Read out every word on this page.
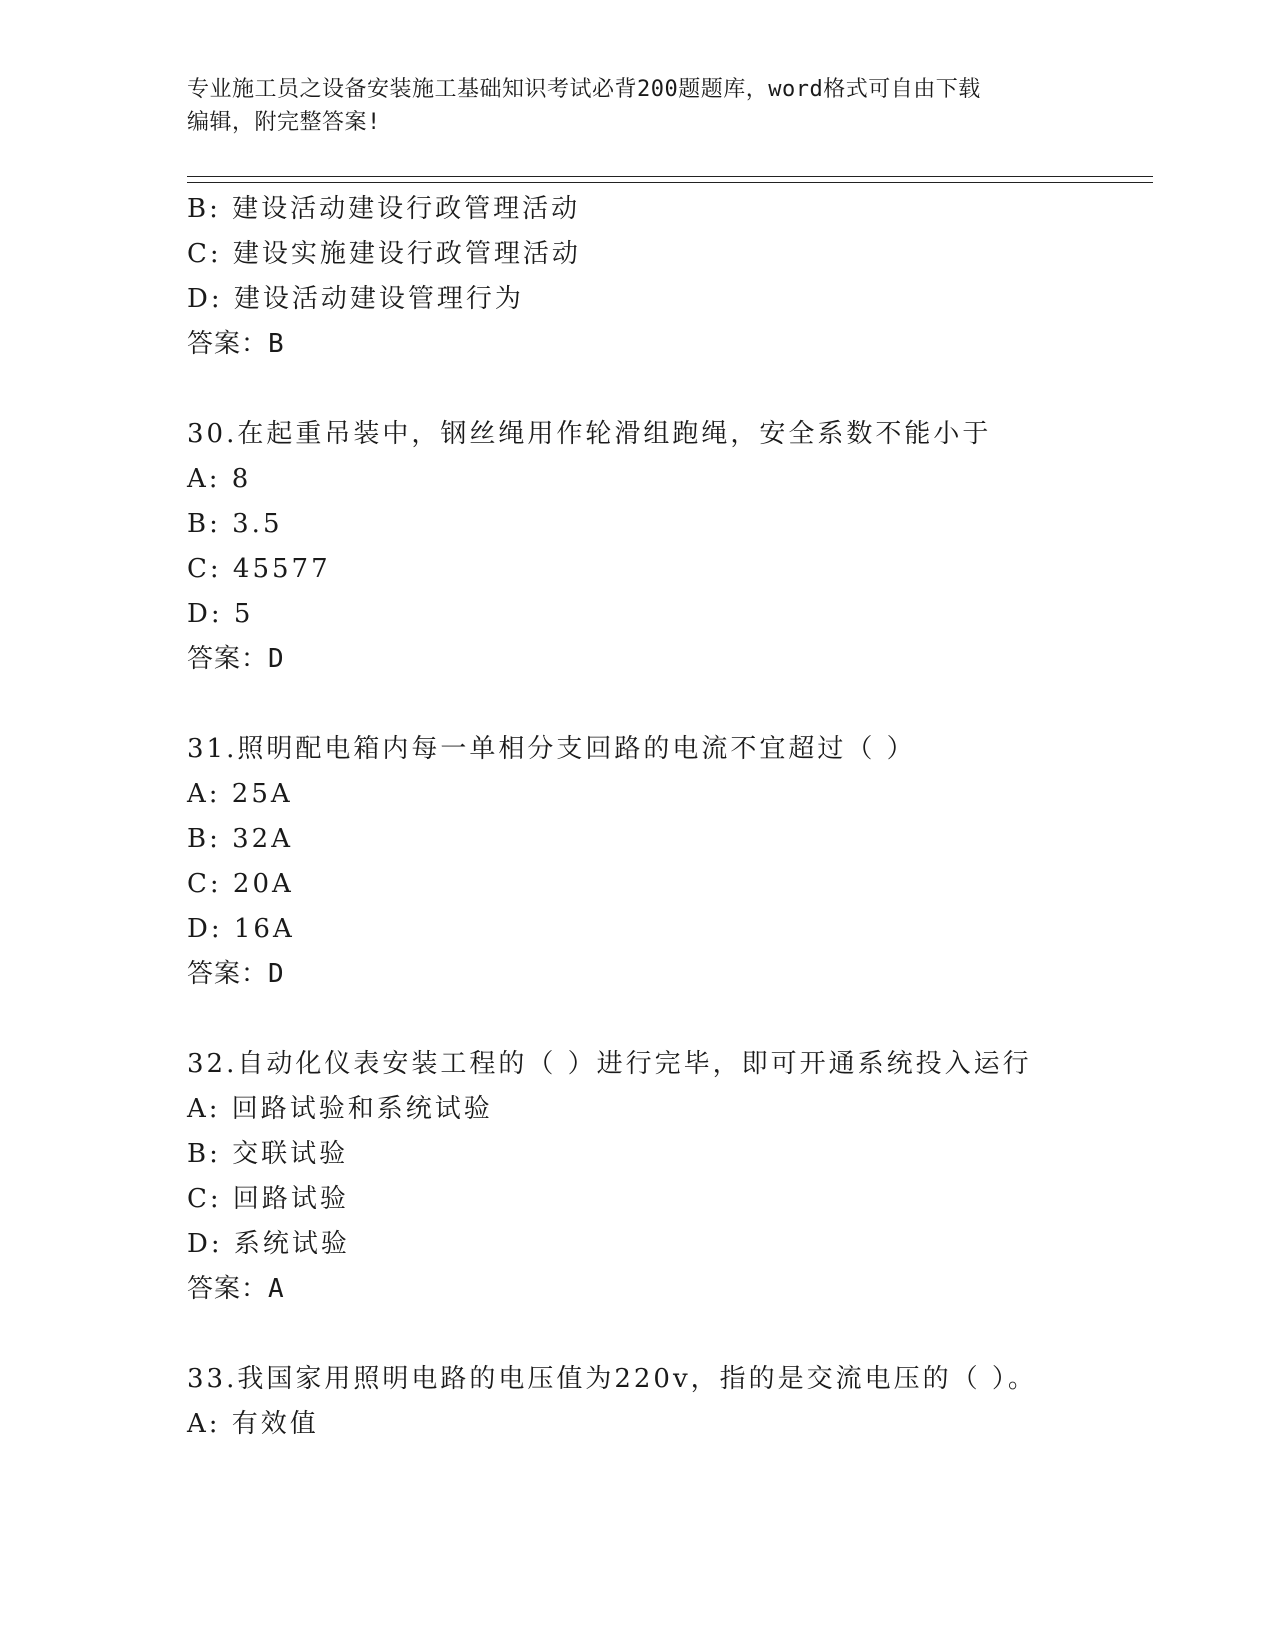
专业施工员之设备安装施工基础知识考试必背200题题库，word格式可自由下载
编辑，附完整答案!
B: 建设活动建设行政管理活动
C: 建设实施建设行政管理活动
D: 建设活动建设管理行为
答案：B
30.在起重吊装中，钢丝绳用作轮滑组跑绳，安全系数不能小于
A: 8
B: 3.5
C: 45577
D: 5
答案：D
31.照明配电箱内每一单相分支回路的电流不宜超过（ ）
A: 25A
B: 32A
C: 20A
D: 16A
答案：D
32.自动化仪表安装工程的（ ）进行完毕，即可开通系统投入运行
A: 回路试验和系统试验
B: 交联试验
C: 回路试验
D: 系统试验
答案：A
33.我国家用照明电路的电压值为220v，指的是交流电压的（ ）。
A: 有效值
